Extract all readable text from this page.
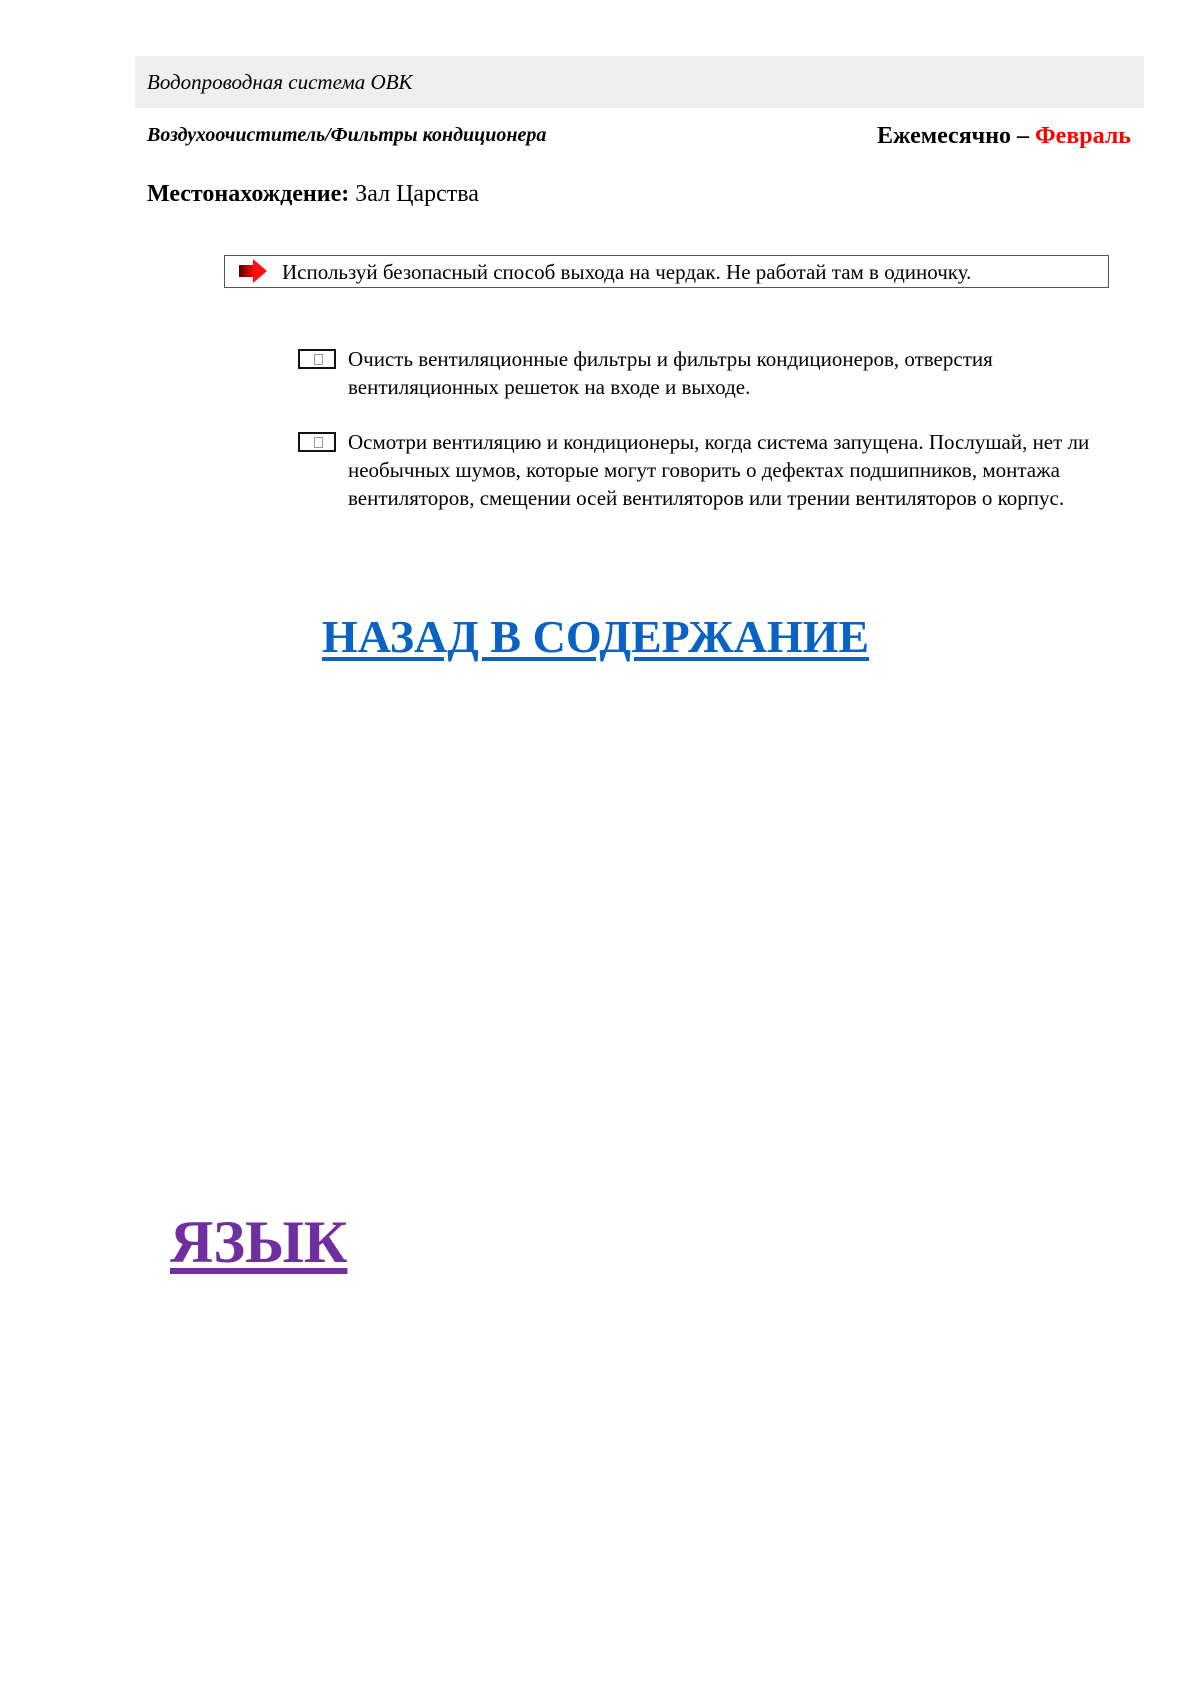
Водопроводная система ОВК
Воздухоочиститель/Фильтры кондиционера	Ежемесячно – Февраль
Местонахождение: Зал Царства
Используй безопасный способ выхода на чердак. Не работай там в одиночку.
Очисть вентиляционные фильтры и фильтры кондиционеров, отверстия вентиляционных решеток на входе и выходе.
Осмотри вентиляцию и кондиционеры, когда система запущена. Послушай, нет ли необычных шумов, которые могут говорить о дефектах подшипников, монтажа вентиляторов, смещении осей вентиляторов или трении вентиляторов о корпус.
НАЗАД В СОДЕРЖАНИЕ
ЯЗЫК
